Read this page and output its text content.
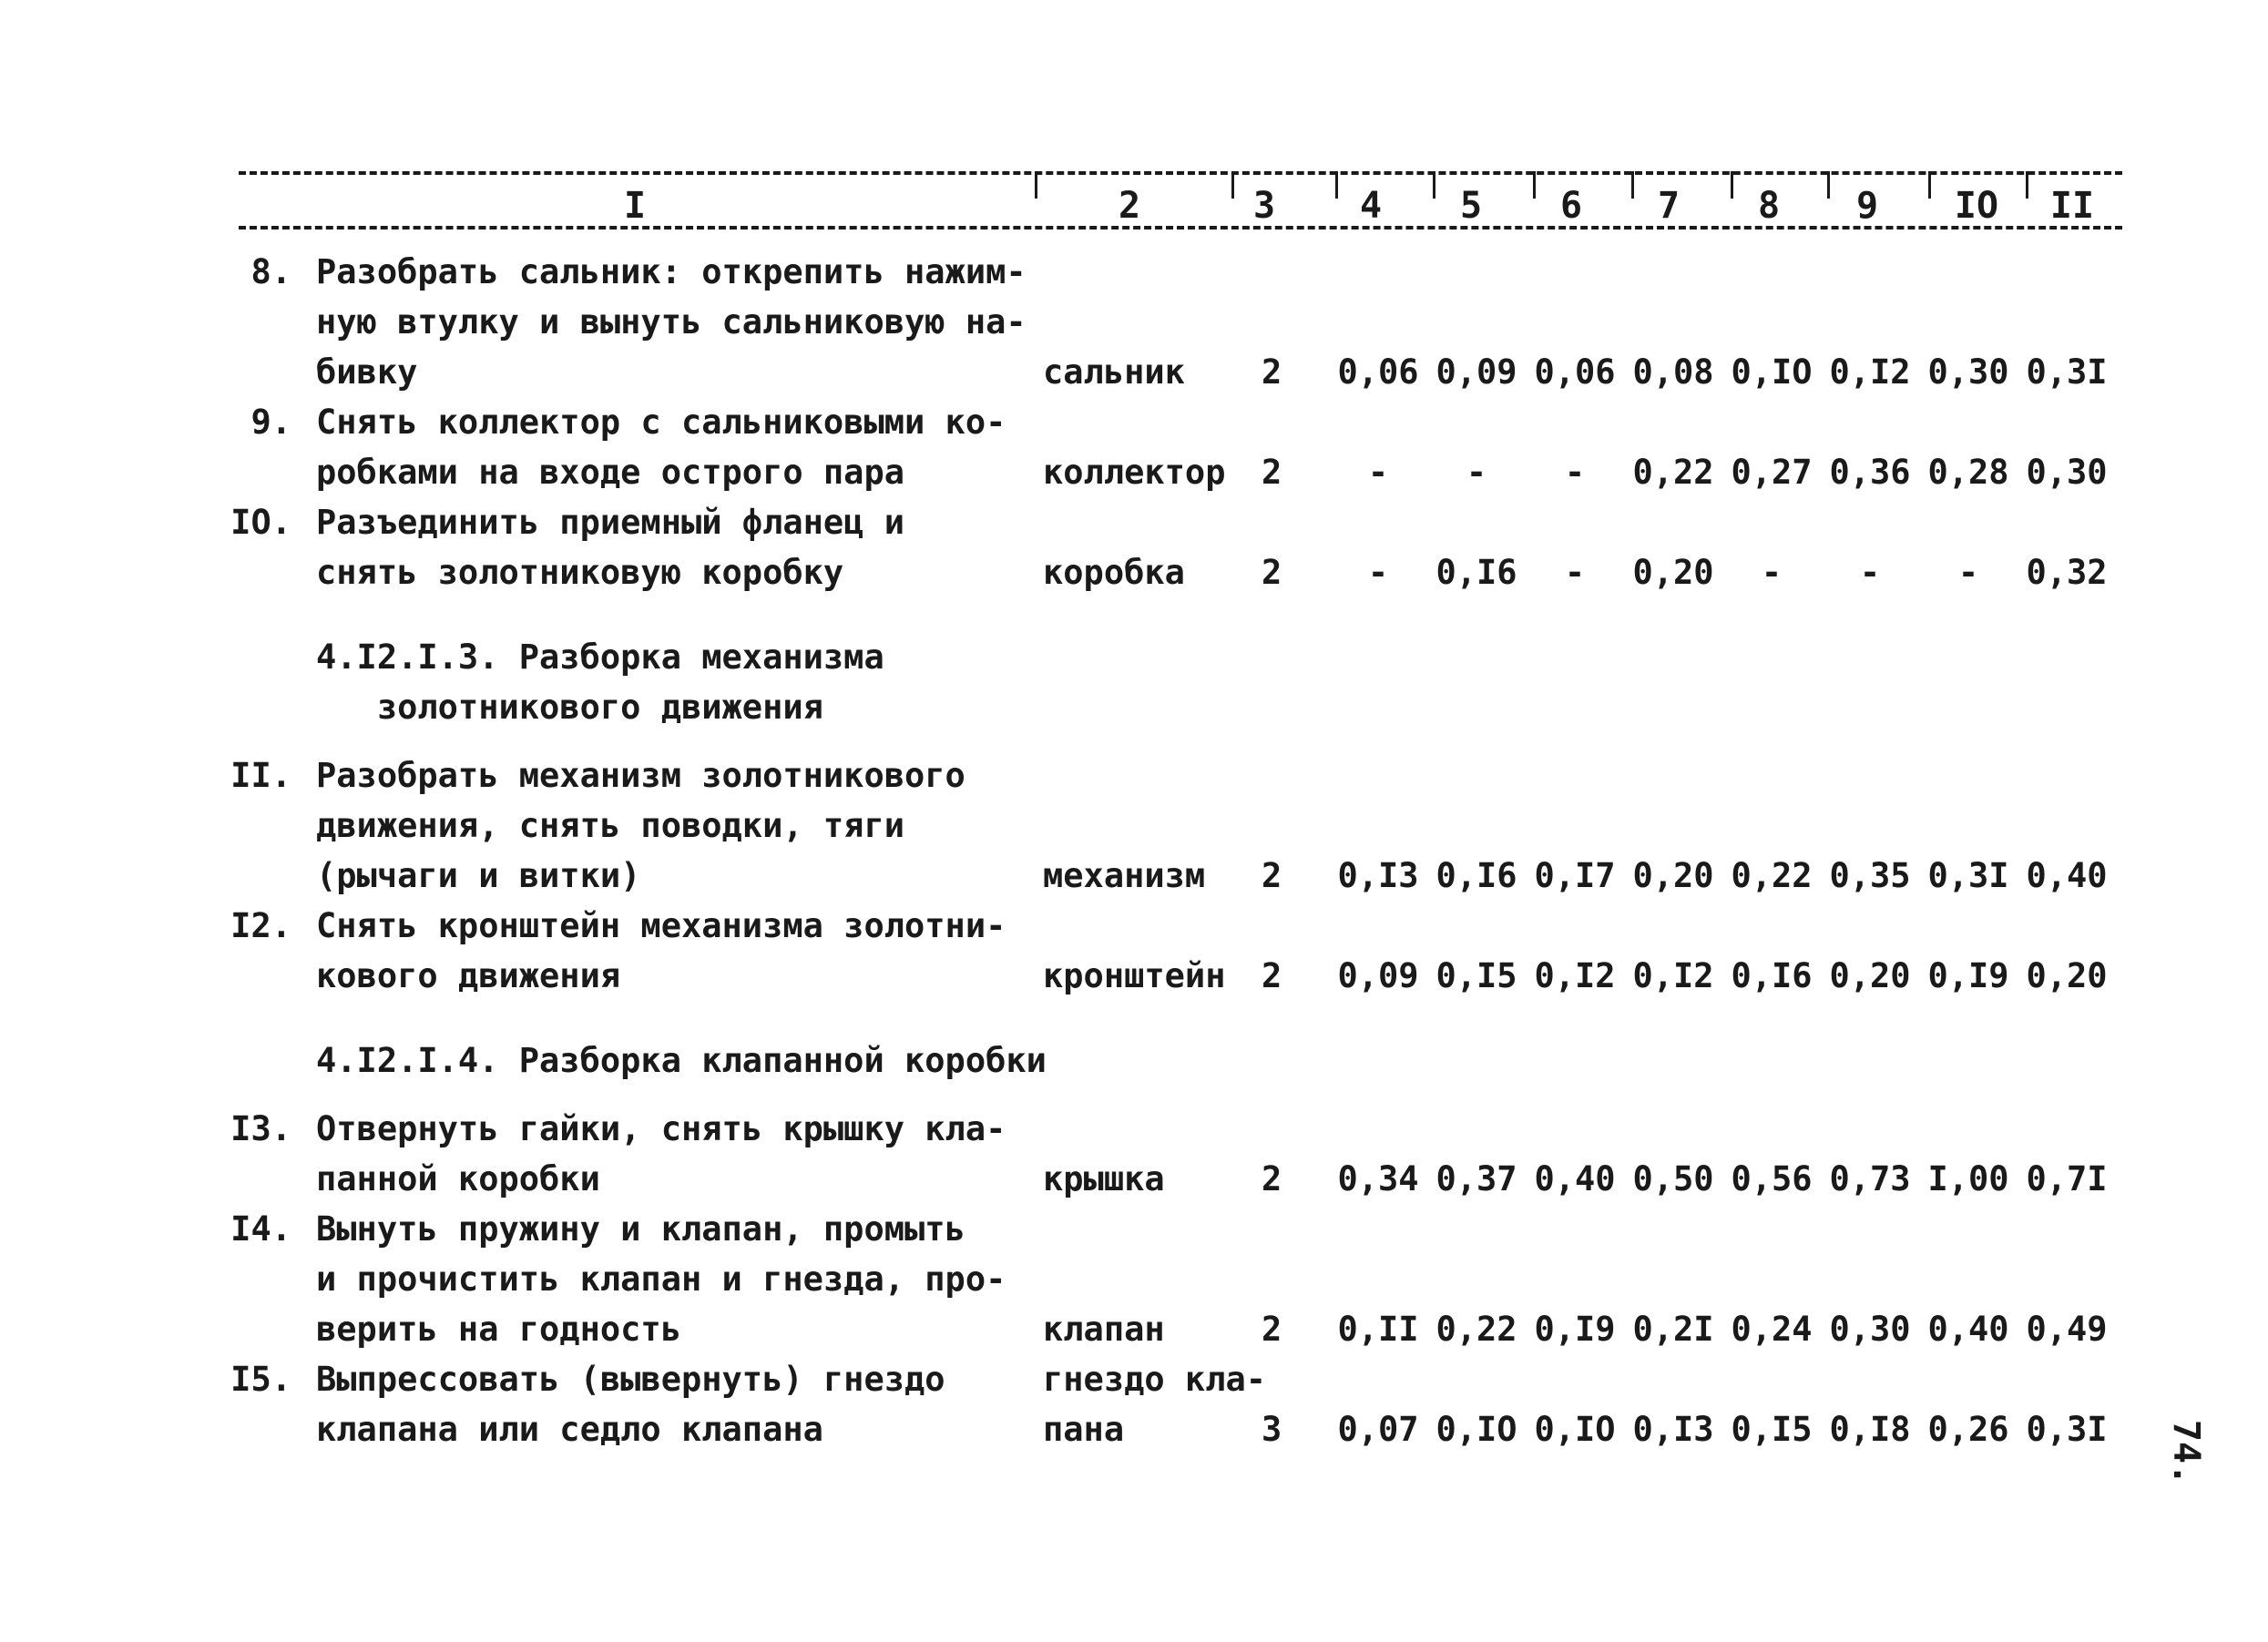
I	2	3	4	5	6	7	8	9	IO	II
8. Разобрать сальник: открепить нажим-
ную втулку и вынуть сальниковую на-
бивку	сальник 2 0,06 0,09 0,06 0,08 0,IO 0,I2 0,30 0,3I
9. Снять коллектор с сальниковыми ко-
робками на входе острого пара	коллектор 2	-	-	-	0,22 0,27 0,36 0,28 0,30
IO. Разъединить приемный фланец и
снять золотниковую коробку	коробка 2	-	0,I6	-	0,20	-	-	-	0,32
4.I2.I.3. Разборка механизма
золотникового движения
II. Разобрать механизм золотникового
движения, снять поводки, тяги
(рычаги и витки)	механизм 2 0,I3 0,I6 0,I7 0,20 0,22 0,35 0,3I 0,40
I2. Снять кронштейн механизма золотни-
кового движения	кронштейн 2 0,09 0,I5 0,I2 0,I2 0,I6 0,20 0,I9 0,20
4.I2.I.4. Разборка клапанной коробки
I3. Отвернуть гайки, снять крышку кла-
панной коробки	крышка	2 0,34 0,37 0,40 0,50 0,56 0,73 I,00 0,7I
I4. Вынуть пружину и клапан, промыть
и прочистить клапан и гнезда, про-
верить на годность	клапан	2 0,II 0,22 0,I9 0,2I 0,24 0,30 0,40 0,49
I5. Выпрессовать (вывернуть) гнездо
клапана или седло клапана
гнездо кла-
пана	3 0,07 0,IO 0,IO 0,I3 0,I5 0,I8 0,26 0,3I 74.
